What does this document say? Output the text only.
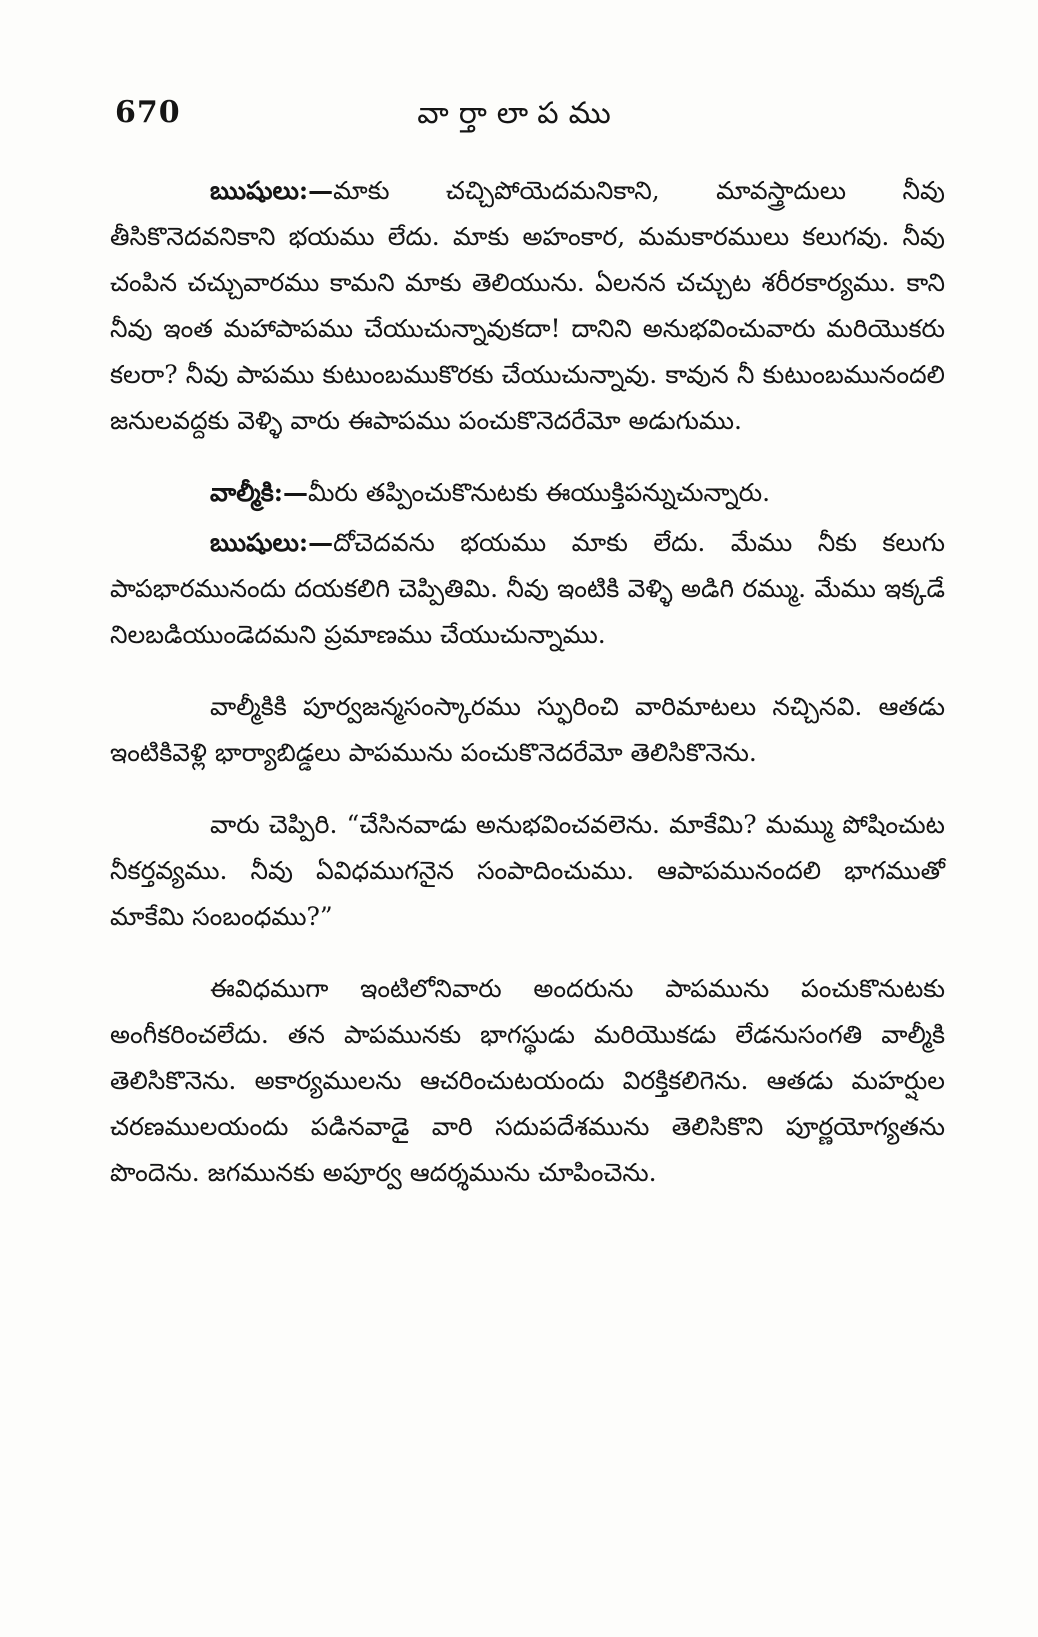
670	వార్తాలాపము

ఋషులు:—మాకు చచ్చిపోయెదమనికాని, మావస్త్రాదులు నీవు తీసికొనెదవనికాని భయము లేదు. మాకు అహంకార, మమకారములు కలుగవు. నీవు చంపిన చచ్చువారము కామని మాకు తెలియును. ఏలనన చచ్చుట శరీరకార్యము. కాని నీవు ఇంత మహాపాపము చేయుచున్నావుకదా! దానిని అనుభవించువారు మరియొకరు కలరా? నీవు పాపము కుటుంబముకొరకు చేయుచున్నావు. కావున నీ కుటుంబమునందలి జనులవద్దకు వెళ్ళి వారు ఈపాపము పంచుకొనెదరేమో అడుగుము.

వాల్మీకి:—మీరు తప్పించుకొనుటకు ఈయుక్తిపన్నుచున్నారు.

ఋషులు:—దోచెదవను భయము మాకు లేదు. మేము నీకు కలుగు పాపభారమునందు దయకలిగి చెప్పితిమి. నీవు ఇంటికి వెళ్ళి అడిగి రమ్ము. మేము ఇక్కడే నిలబడియుండెదమని ప్రమాణము చేయుచున్నాము.

వాల్మీకికి పూర్వజన్మసంస్కారము స్ఫురించి వారిమాటలు నచ్చినవి. ఆతడు ఇంటికివెళ్లి భార్యాబిడ్డలు పాపమును పంచుకొనెదరేమో తెలిసికొనెను.

వారు చెప్పిరి. “చేసినవాడు అనుభవించవలెను. మాకేమి? మమ్ము పోషించుట నీకర్తవ్యము. నీవు ఏవిధముగనైన సంపాదించుము. ఆపాపమునందలి భాగముతో మాకేమి సంబంధము?”

ఈవిధముగా ఇంటిలోనివారు అందరును పాపమును పంచుకొనుటకు అంగీకరించలేదు. తన పాపమునకు భాగస్థుడు మరియొకడు లేడనుసంగతి వాల్మీకి తెలిసికొనెను. అకార్యములను ఆచరించుటయందు విరక్తికలిగెను. ఆతడు మహర్షుల చరణములయందు పడినవాడై వారి సదుపదేశమును తెలిసికొని పూర్ణయోగ్యతను పొందెను. జగమునకు అపూర్వ ఆదర్శమును చూపించెను.
